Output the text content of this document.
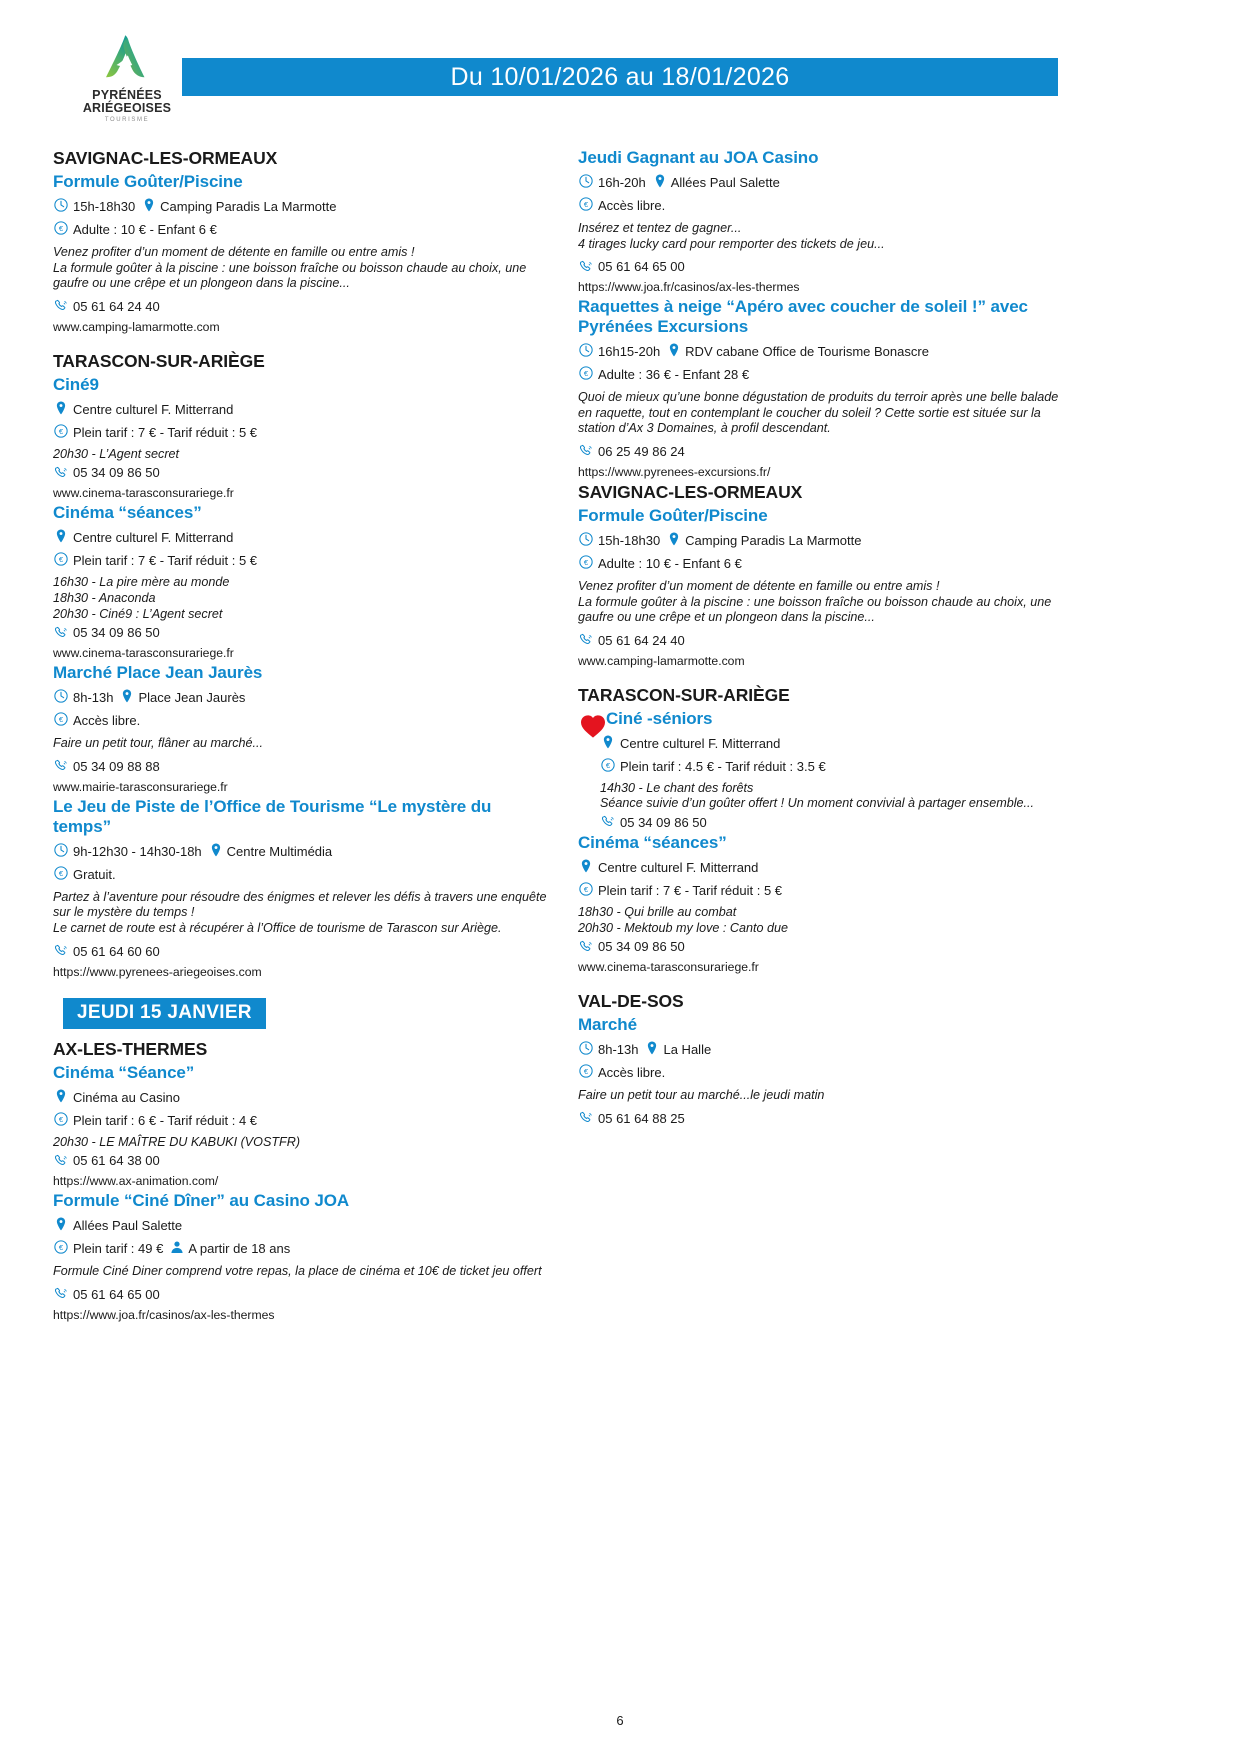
PYRÉNÉES
ARIÉGEOISES
TOURISME
Du 10/01/2026 au 18/01/2026
SAVIGNAC-LES-ORMEAUX
Formule Goûter/Piscine
15h-18h30 Camping Paradis La Marmotte
€ Adulte : 10 € - Enfant 6 €
Venez profiter d’un moment de détente en famille ou entre amis !
La formule goûter à la piscine : une boisson fraîche ou boisson chaude au choix, une
gaufre ou une crêpe et un plongeon dans la piscine...
05 61 64 24 40
www.camping-lamarmotte.com
TARASCON-SUR-ARIÈGE
Ciné9
Centre culturel F. Mitterrand
€ Plein tarif : 7 € - Tarif réduit : 5 €
20h30 - L’Agent secret
05 34 09 86 50
www.cinema-tarasconsurariege.fr
Cinéma “séances”
Centre culturel F. Mitterrand
€ Plein tarif : 7 € - Tarif réduit : 5 €
16h30 - La pire mère au monde
18h30 - Anaconda
20h30 - Ciné9 : L’Agent secret
05 34 09 86 50
www.cinema-tarasconsurariege.fr
Marché Place Jean Jaurès
8h-13h Place Jean Jaurès
€ Accès libre.
Faire un petit tour, flâner au marché...
05 34 09 88 88
www.mairie-tarasconsurariege.fr
Le Jeu de Piste de l’Office de Tourisme “Le mystère du temps”
9h-12h30 - 14h30-18h Centre Multimédia
€ Gratuit.
Partez à l’aventure pour résoudre des énigmes et relever les défis à travers une enquête
sur le mystère du temps !
Le carnet de route est à récupérer à l’Office de tourisme de Tarascon sur Ariège.
05 61 64 60 60
https://www.pyrenees-ariegeoises.com
JEUDI 15 JANVIER
AX-LES-THERMES
Cinéma “Séance”
Cinéma au Casino
€ Plein tarif : 6 € - Tarif réduit : 4 €
20h30 - LE MAÎTRE DU KABUKI (VOSTFR)
05 61 64 38 00
https://www.ax-animation.com/
Formule “Ciné Dîner” au Casino JOA
Allées Paul Salette
€ Plein tarif : 49 € A partir de 18 ans
Formule Ciné Diner comprend votre repas, la place de cinéma et 10€ de ticket jeu offert
05 61 64 65 00
https://www.joa.fr/casinos/ax-les-thermes
Jeudi Gagnant au JOA Casino
16h-20h Allées Paul Salette
€ Accès libre.
Insérez et tentez de gagner...
4 tirages lucky card pour remporter des tickets de jeu...
05 61 64 65 00
https://www.joa.fr/casinos/ax-les-thermes
Raquettes à neige “Apéro avec coucher de soleil !” avec Pyrénées Excursions
16h15-20h RDV cabane Office de Tourisme Bonascre
€ Adulte : 36 € - Enfant 28 €
Quoi de mieux qu’une bonne dégustation de produits du terroir après une belle balade
en raquette, tout en contemplant le coucher du soleil ? Cette sortie est située sur la
station d’Ax 3 Domaines, à profil descendant.
06 25 49 86 24
https://www.pyrenees-excursions.fr/
SAVIGNAC-LES-ORMEAUX
Formule Goûter/Piscine
15h-18h30 Camping Paradis La Marmotte
€ Adulte : 10 € - Enfant 6 €
Venez profiter d’un moment de détente en famille ou entre amis !
La formule goûter à la piscine : une boisson fraîche ou boisson chaude au choix, une
gaufre ou une crêpe et un plongeon dans la piscine...
05 61 64 24 40
www.camping-lamarmotte.com
TARASCON-SUR-ARIÈGE
Ciné -séniors
Centre culturel F. Mitterrand
€ Plein tarif : 4.5 € - Tarif réduit : 3.5 €
14h30 - Le chant des forêts
Séance suivie d’un goûter offert ! Un moment convivial à partager ensemble...
05 34 09 86 50
Cinéma “séances”
Centre culturel F. Mitterrand
€ Plein tarif : 7 € - Tarif réduit : 5 €
18h30 - Qui brille au combat
20h30 - Mektoub my love : Canto due
05 34 09 86 50
www.cinema-tarasconsurariege.fr
VAL-DE-SOS
Marché
8h-13h La Halle
€ Accès libre.
Faire un petit tour au marché...le jeudi matin
05 61 64 88 25
6
